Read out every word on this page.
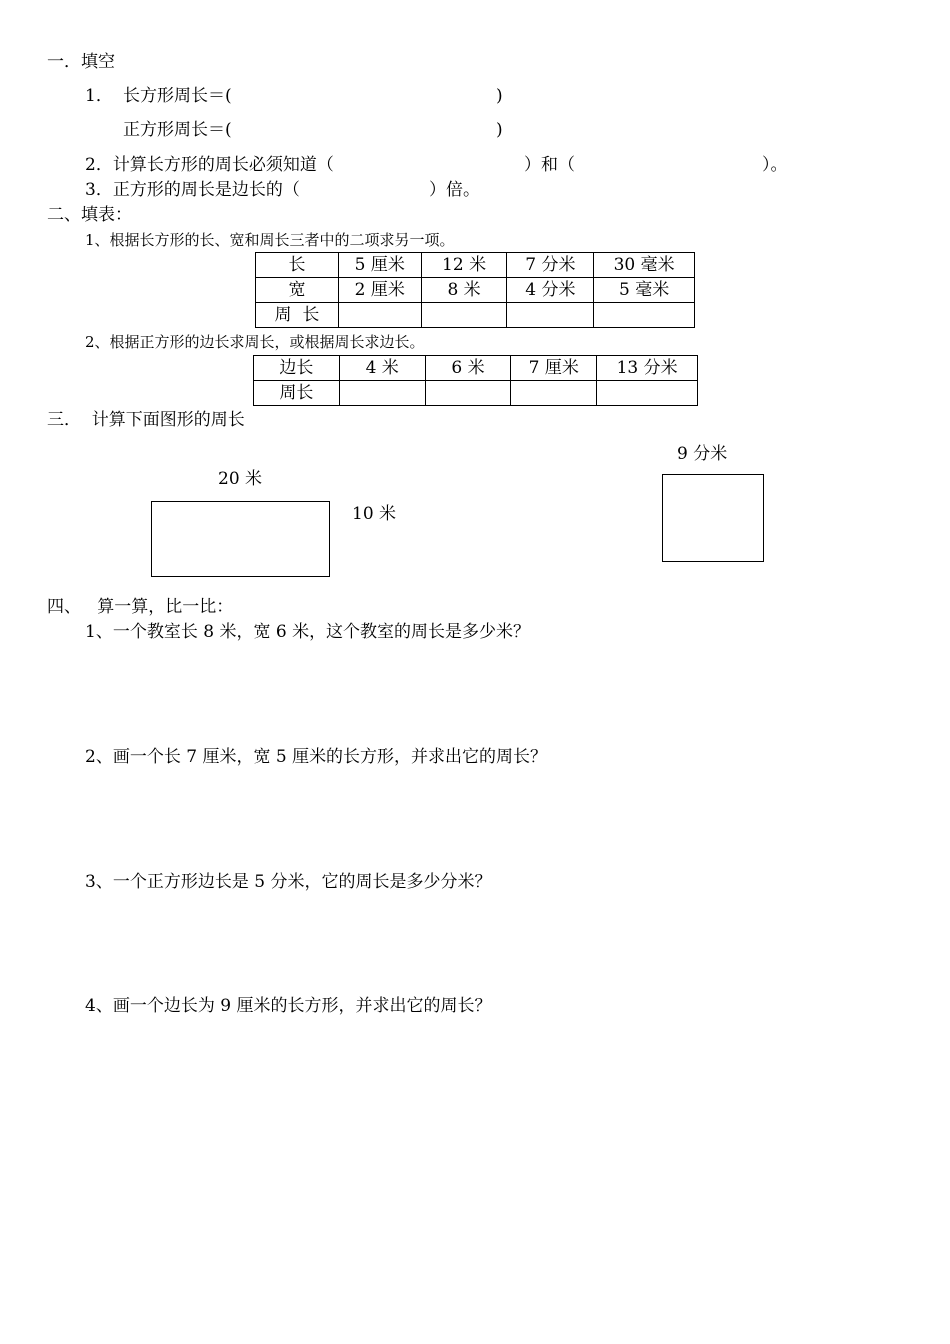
一．填空
1． 长方形周长＝(	)
正方形周长＝(	)
2．计算长方形的周长必须知道（	）和（	）。
3．正方形的周长是边长的（	）倍。
二、填表：
1、根据长方形的长、宽和周长三者中的二项求另一项。
长	5 厘米	12 米	7 分米	30 毫米
宽	2 厘米	8 米	4 分米	5 毫米
周  长				
2、根据正方形的边长求周长，或根据周长求边长。
边长	4 米	6 米	7 厘米	13 分米
周长				
三．  计算下面图形的周长
20 米
10 米
9 分米
四、   算一算，比一比：
1、一个教室长 8 米，宽 6 米，这个教室的周长是多少米？
2、画一个长 7 厘米，宽 5 厘米的长方形，并求出它的周长？
3、一个正方形边长是 5 分米，它的周长是多少分米？
4、画一个边长为 9 厘米的长方形，并求出它的周长？
